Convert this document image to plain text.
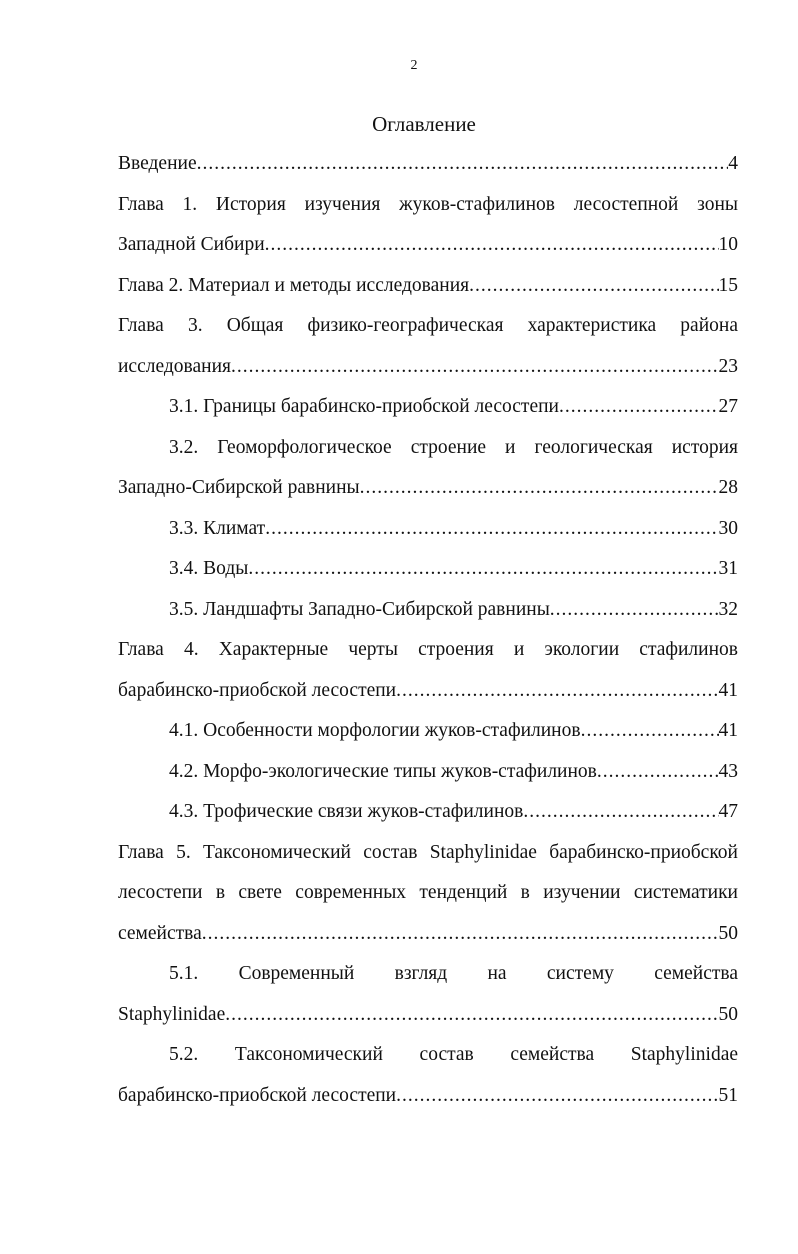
2
Оглавление
Введение .....	4
Глава 1. История изучения жуков-стафилинов лесостепной зоны
Западной Сибири .....	10
Глава 2. Материал и методы исследования .....	15
Глава 3. Общая физико-географическая характеристика района
исследования .....	23
3.1. Границы барабинско-приобской лесостепи .....	27
3.2. Геоморфологическое строение и геологическая история
Западно-Сибирской равнины .....	28
3.3. Климат .....	30
3.4. Воды .....	31
3.5. Ландшафты Западно-Сибирской равнины .....	32
Глава 4. Характерные черты строения и экологии стафилинов
барабинско-приобской лесостепи .....	41
4.1. Особенности морфологии жуков-стафилинов .....	41
4.2. Морфо-экологические типы жуков-стафилинов .....	43
4.3. Трофические связи жуков-стафилинов .....	47
Глава 5. Таксономический состав Staphylinidae барабинско-приобской
лесостепи в свете современных тенденций в изучении систематики
семейства .....	50
5.1. Современный взгляд на систему семейства
Staphylinidae .....	50
5.2. Таксономический состав семейства Staphylinidae
барабинско-приобской лесостепи .....	51
